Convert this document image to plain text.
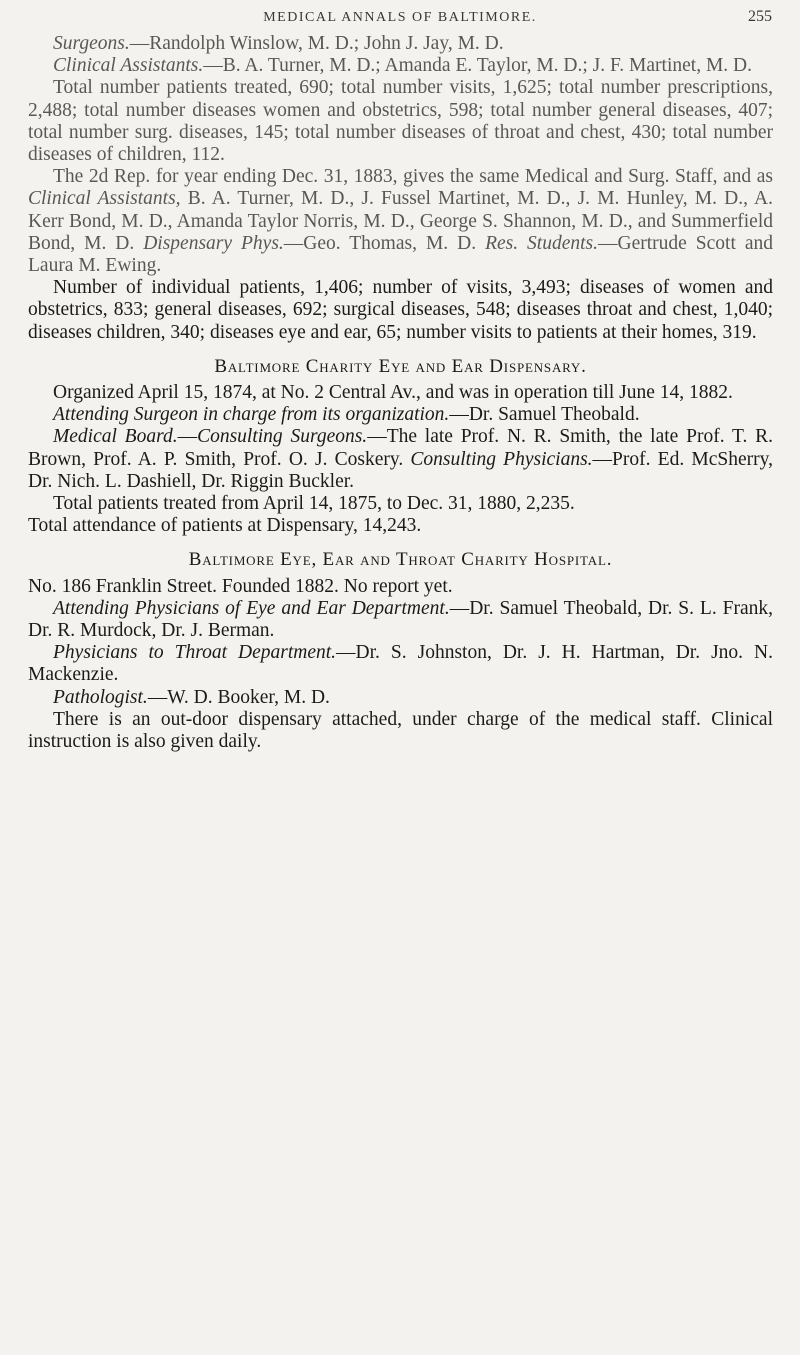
MEDICAL ANNALS OF BALTIMORE.	255

Surgeons.—Randolph Winslow, M. D.; John J. Jay, M. D.

Clinical Assistants.—B. A. Turner, M. D.; Amanda E. Taylor, M. D.; J. F. Martinet, M. D.

Total number patients treated, 690; total number visits, 1,625; total number prescriptions, 2,488; total number diseases women and obstetrics, 598; total number general diseases, 407; total number surg. diseases, 145; total number diseases of throat and chest, 430; total number diseases of children, 112.

The 2d Rep. for year ending Dec. 31, 1883, gives the same Medical and Surg. Staff, and as Clinical Assistants, B. A. Turner, M. D., J. Fussel Martinet, M. D., J. M. Hunley, M. D., A. Kerr Bond, M. D., Amanda Taylor Norris, M. D., George S. Shannon, M. D., and Summerfield Bond, M. D. Dispensary Phys.—Geo. Thomas, M. D. Res. Students.—Gertrude Scott and Laura M. Ewing.

Number of individual patients, 1,406; number of visits, 3,493; diseases of women and obstetrics, 833; general diseases, 692; surgical diseases, 548; diseases throat and chest, 1,040; diseases children, 340; diseases eye and ear, 65; number visits to patients at their homes, 319.

Baltimore Charity Eye and Ear Dispensary.

Organized April 15, 1874, at No. 2 Central Av., and was in operation till June 14, 1882.

Attending Surgeon in charge from its organization.—Dr. Samuel Theobald.

Medical Board.—Consulting Surgeons.—The late Prof. N. R. Smith, the late Prof. T. R. Brown, Prof. A. P. Smith, Prof. O. J. Coskery. Consulting Physicians.—Prof. Ed. McSherry, Dr. Nich. L. Dashiell, Dr. Riggin Buckler.

Total patients treated from April 14, 1875, to Dec. 31, 1880, 2,235.

Total attendance of patients at Dispensary, 14,243.

Baltimore Eye, Ear and Throat Charity Hospital.

No. 186 Franklin Street. Founded 1882. No report yet.

Attending Physicians of Eye and Ear Department.—Dr. Samuel Theobald, Dr. S. L. Frank, Dr. R. Murdock, Dr. J. Berman.

Physicians to Throat Department.—Dr. S. Johnston, Dr. J. H. Hartman, Dr. Jno. N. Mackenzie.

Pathologist.—W. D. Booker, M. D.

There is an out-door dispensary attached, under charge of the medical staff. Clinical instruction is also given daily.
